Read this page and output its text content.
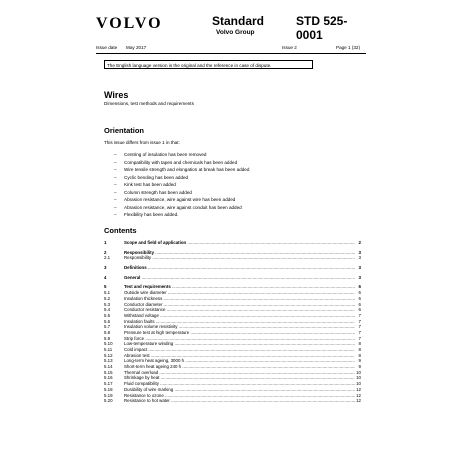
VOLVO	Standard
Volvo Group
STD 525-0001
Issue date May 2017	Issue 2	Page 1 (32)
The English language version is the original and the reference in case of dispute.
Wires
Dimensions, test methods and requirements
Orientation
This issue differs from issue 1 in that:
– Centring of insulation has been removed
– Compatibility with tapes and chemicals has been added
– Wire tensile strength and elongation at break has been added
– Cyclic bending has been added
– Kink test has been added
– Column strength has been added
– Abrasion resistance, wire against wire has been added
– Abrasion resistance, wire against conduit has been added
– Flexibility has been added.
Contents
1	Scope and field of application .....	2
2	Responsibility .....	3
2.1	Responsibility .....	3
3	Definitions .....	3
4	General .....	3
5	Test and requirements .....	6
5.1	Outside wire diameter .....	6
5.2	Insulation thickness .....	6
5.3	Conductor diameter .....	6
5.4	Conductor resistance .....	6
5.5	Withstand voltage .....	7
5.6	Insulation faults .....	7
5.7	Insulation volume resistivity .....	7
5.8	Pressure test at high temperature .....	7
5.9	Strip force .....	7
5.10	Low-temperature winding .....	8
5.11	Cold impact .....	8
5.12	Abrasion test .....	8
5.13	Long-term heat ageing, 3000 h .....	9
5.14	Short-term heat ageing 240 h .....	9
5.15	Thermal overload .....	10
5.16	Shrinkage by heat .....	10
5.17	Fluid compatibility .....	10
5.18	Durability of wire marking .....	12
5.19	Resistance to ozone .....	12
5.20	Resistance to hot water .....	12
